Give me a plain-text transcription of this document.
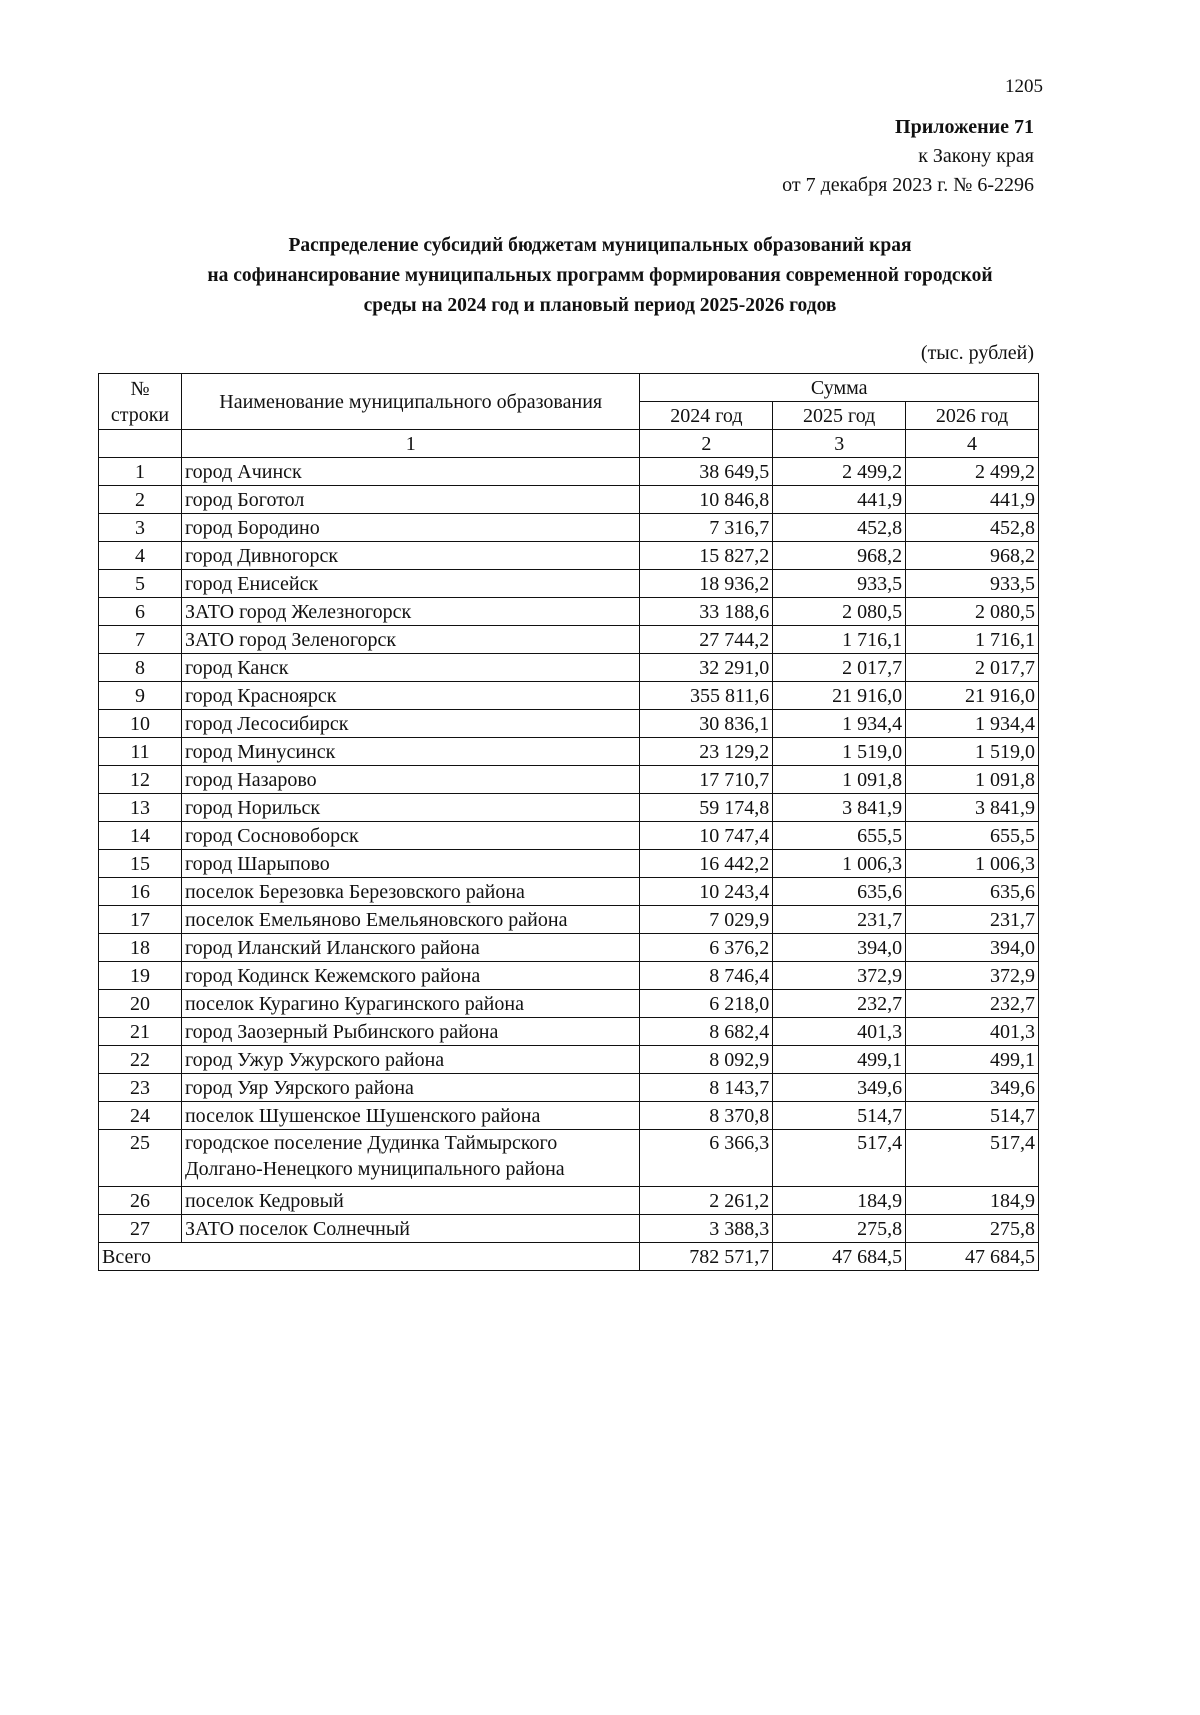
1205
Приложение 71
к Закону края
от 7 декабря 2023 г. № 6-2296
Распределение субсидий бюджетам муниципальных образований края
на софинансирование муниципальных программ формирования современной городской
среды на 2024 год и плановый период 2025-2026 годов
(тыс. рублей)
№ строки	Наименование муниципального образования	Сумма		
		2024 год	2025 год	2026 год
	1	2	3	4
1	город Ачинск	38 649,5	2 499,2	2 499,2
2	город Боготол	10 846,8	441,9	441,9
3	город Бородино	7 316,7	452,8	452,8
4	город Дивногорск	15 827,2	968,2	968,2
5	город Енисейск	18 936,2	933,5	933,5
6	ЗАТО город Железногорск	33 188,6	2 080,5	2 080,5
7	ЗАТО город Зеленогорск	27 744,2	1 716,1	1 716,1
8	город Канск	32 291,0	2 017,7	2 017,7
9	город Красноярск	355 811,6	21 916,0	21 916,0
10	город Лесосибирск	30 836,1	1 934,4	1 934,4
11	город Минусинск	23 129,2	1 519,0	1 519,0
12	город Назарово	17 710,7	1 091,8	1 091,8
13	город Норильск	59 174,8	3 841,9	3 841,9
14	город Сосновоборск	10 747,4	655,5	655,5
15	город Шарыпово	16 442,2	1 006,3	1 006,3
16	поселок Березовка Березовского района	10 243,4	635,6	635,6
17	поселок Емельяново Емельяновского района	7 029,9	231,7	231,7
18	город Иланский Иланского района	6 376,2	394,0	394,0
19	город Кодинск Кежемского района	8 746,4	372,9	372,9
20	поселок Курагино Курагинского района	6 218,0	232,7	232,7
21	город Заозерный Рыбинского района	8 682,4	401,3	401,3
22	город Ужур Ужурского района	8 092,9	499,1	499,1
23	город Уяр Уярского района	8 143,7	349,6	349,6
24	поселок Шушенское Шушенского района	8 370,8	514,7	514,7
25	городское поселение Дудинка Таймырского Долгано-Ненецкого муниципального района	6 366,3	517,4	517,4
26	поселок Кедровый	2 261,2	184,9	184,9
27	ЗАТО поселок Солнечный	3 388,3	275,8	275,8
Всего		782 571,7	47 684,5	47 684,5
